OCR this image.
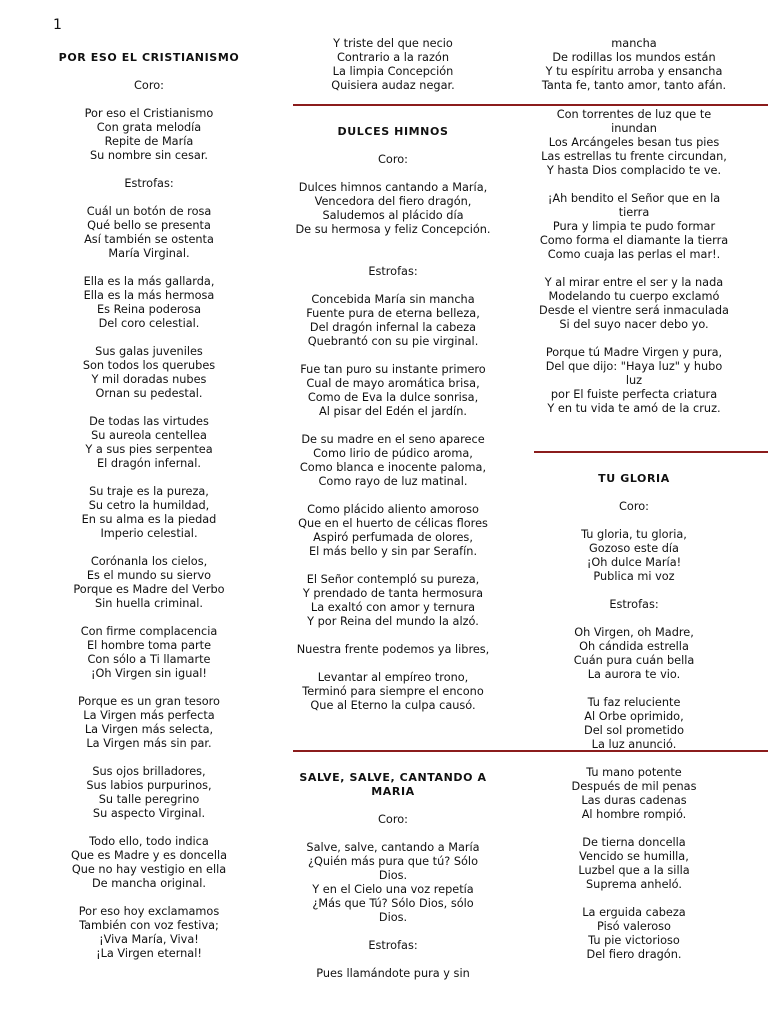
1

POR ESO EL CRISTIANISMO

Coro:

Por eso el Cristianismo
Con grata melodía
Repite de María
Su nombre sin cesar.

Estrofas:

Cuál un botón de rosa
Qué bello se presenta
Así también se ostenta
María Virginal.

Ella es la más gallarda,
Ella es la más hermosa
Es Reina poderosa
Del coro celestial.

Sus galas juveniles
Son todos los querubes
Y mil doradas nubes
Ornan su pedestal.

De todas las virtudes
Su aureola centellea
Y a sus pies serpentea
El dragón infernal.

Su traje es la pureza,
Su cetro la humildad,
En su alma es la piedad
Imperio celestial.

Corónanla los cielos,
Es el mundo su siervo
Porque es Madre del Verbo
Sin huella criminal.

Con firme complacencia
El hombre toma parte
Con sólo a Ti llamarte
¡Oh Virgen sin igual!

Porque es un gran tesoro
La Virgen más perfecta
La Virgen más selecta,
La Virgen más sin par.

Sus ojos brilladores,
Sus labios purpurinos,
Su talle peregrino
Su aspecto Virginal.

Todo ello, todo indica
Que es Madre y es doncella
Que no hay vestigio en ella
De mancha original.

Por eso hoy exclamamos
También con voz festiva;
¡Viva María, Viva!
¡La Virgen eternal!

Y triste del que necio
Contrario a la razón
La limpia Concepción
Quisiera audaz negar.

DULCES HIMNOS

Coro:

Dulces himnos cantando a María,
Vencedora del fiero dragón,
Saludemos al plácido día
De su hermosa y feliz Concepción.

Estrofas:

Concebida María sin mancha
Fuente pura de eterna belleza,
Del dragón infernal la cabeza
Quebrantó con su pie virginal.

Fue tan puro su instante primero
Cual de mayo aromática brisa,
Como de Eva la dulce sonrisa,
Al pisar del Edén el jardín.

De su madre en el seno aparece
Como lirio de púdico aroma,
Como blanca e inocente paloma,
Como rayo de luz matinal.

Como plácido aliento amoroso
Que en el huerto de célicas flores
Aspiró perfumada de olores,
El más bello y sin par Serafín.

El Señor contempló su pureza,
Y prendado de tanta hermosura
La exaltó con amor y ternura
Y por Reina del mundo la alzó.

Nuestra frente podemos ya libres,

Levantar al empíreo trono,
Terminó para siempre el encono
Que al Eterno la culpa causó.

SALVE, SALVE, CANTANDO A
MARIA

Coro:

Salve, salve, cantando a María
¿Quién más pura que tú? Sólo
Dios.
Y en el Cielo una voz repetía
¿Más que Tú? Sólo Dios, sólo
Dios.

Estrofas:

Pues llamándote pura y sin

mancha
De rodillas los mundos están
Y tu espíritu arroba y ensancha
Tanta fe, tanto amor, tanto afán.

Con torrentes de luz que te
inundan
Los Arcángeles besan tus pies
Las estrellas tu frente circundan,
Y hasta Dios complacido te ve.

¡Ah bendito el Señor que en la
tierra
Pura y limpia te pudo formar
Como forma el diamante la tierra
Como cuaja las perlas el mar!.

Y al mirar entre el ser y la nada
Modelando tu cuerpo exclamó
Desde el vientre será inmaculada
Si del suyo nacer debo yo.

Porque tú Madre Virgen y pura,
Del que dijo: "Haya luz" y hubo
luz
por El fuiste perfecta criatura
Y en tu vida te amó de la cruz.

TU GLORIA

Coro:

Tu gloria, tu gloria,
Gozoso este día
¡Oh dulce María!
Publica mi voz

Estrofas:

Oh Virgen, oh Madre,
Oh cándida estrella
Cuán pura cuán bella
La aurora te vio.

Tu faz reluciente
Al Orbe oprimido,
Del sol prometido
La luz anunció.

Tu mano potente
Después de mil penas
Las duras cadenas
Al hombre rompió.

De tierna doncella
Vencido se humilla,
Luzbel que a la silla
Suprema anheló.

La erguida cabeza
Pisó valeroso
Tu pie victorioso
Del fiero dragón.
